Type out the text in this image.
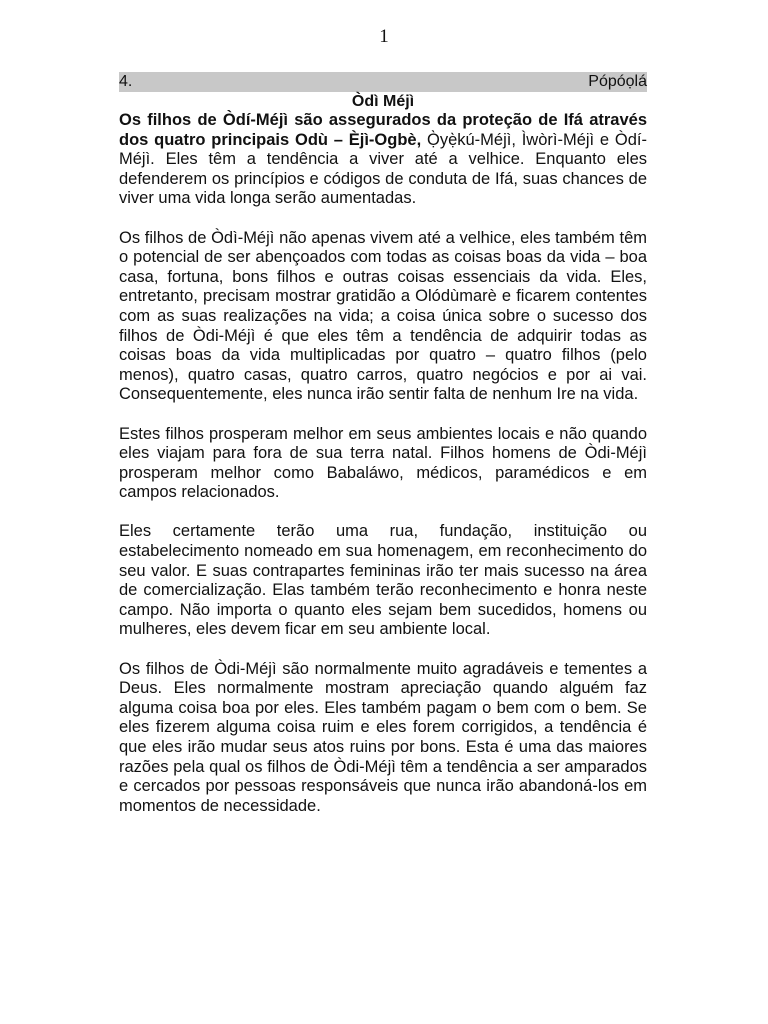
1
4.	Pópóọlá
Òdì Méjì

Os filhos de Òdí-Méjì são assegurados da proteção de Ifá através dos quatro principais Odù – Èjì-Ogbè, Ọ̀yẹ̀kú-Méjì, Ìwòrì-Méjì e Òdí-Méjì. Eles têm a tendência a viver até a velhice. Enquanto eles defenderem os princípios e códigos de conduta de Ifá, suas chances de viver uma vida longa serão aumentadas.

Os filhos de Òdì-Méjì não apenas vivem até a velhice, eles também têm o potencial de ser abençoados com todas as coisas boas da vida – boa casa, fortuna, bons filhos e outras coisas essenciais da vida. Eles, entretanto, precisam mostrar gratidão a Olódùmarè e ficarem contentes com as suas realizações na vida; a coisa única sobre o sucesso dos filhos de Òdi-Méjì é que eles têm a tendência de adquirir todas as coisas boas da vida multiplicadas por quatro – quatro filhos (pelo menos), quatro casas, quatro carros, quatro negócios e por ai vai. Consequentemente, eles nunca irão sentir falta de nenhum Ire na vida.

Estes filhos prosperam melhor em seus ambientes locais e não quando eles viajam para fora de sua terra natal. Filhos homens de Òdi-Méjì prosperam melhor como Babaláwo, médicos, paramédicos e em campos relacionados.

Eles certamente terão uma rua, fundação, instituição ou estabelecimento nomeado em sua homenagem, em reconhecimento do seu valor. E suas contrapartes femininas irão ter mais sucesso na área de comercialização. Elas também terão reconhecimento e honra neste campo. Não importa o quanto eles sejam bem sucedidos, homens ou mulheres, eles devem ficar em seu ambiente local.

Os filhos de Òdi-Méjì são normalmente muito agradáveis e tementes a Deus. Eles normalmente mostram apreciação quando alguém faz alguma coisa boa por eles. Eles também pagam o bem com o bem. Se eles fizerem alguma coisa ruim e eles forem corrigidos, a tendência é que eles irão mudar seus atos ruins por bons. Esta é uma das maiores razões pela qual os filhos de Òdi-Méjì têm a tendência a ser amparados e cercados por pessoas responsáveis que nunca irão abandoná-los em momentos de necessidade.
